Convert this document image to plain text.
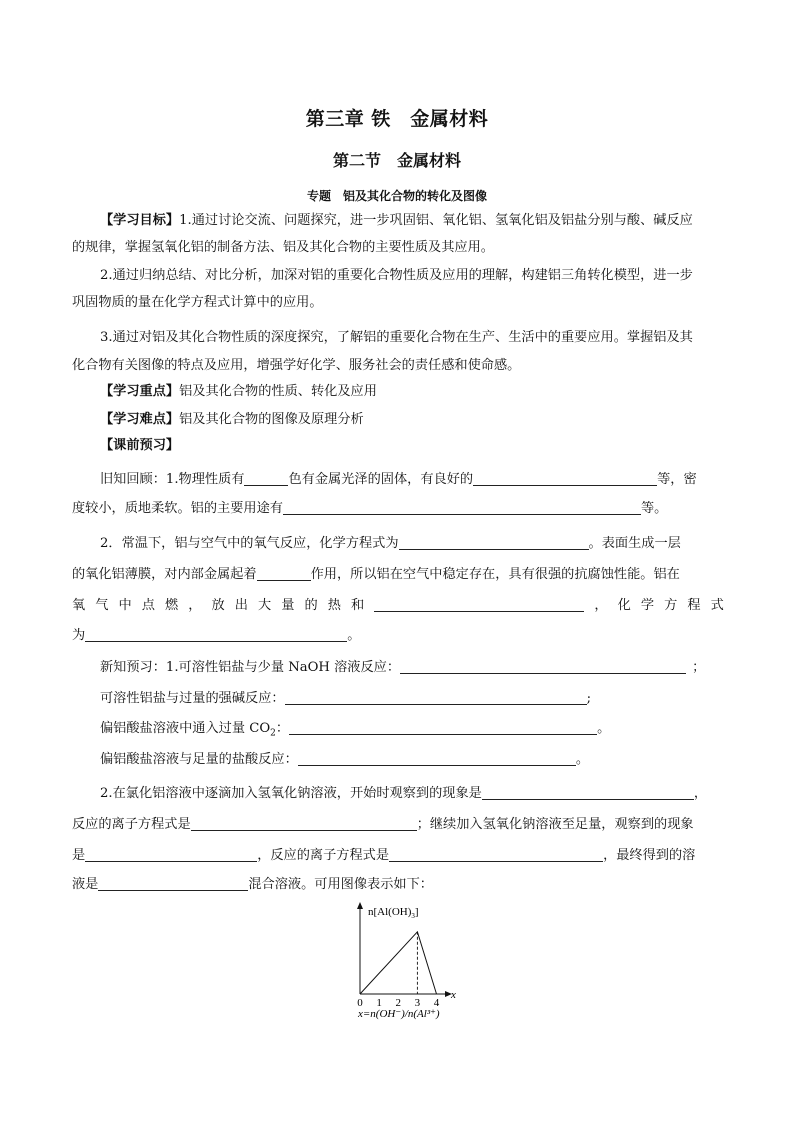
第三章 铁　金属材料
第二节　金属材料
专题　铝及其化合物的转化及图像
【学习目标】1.通过讨论交流、问题探究，进一步巩固铝、氧化铝、氢氧化铝及铝盐分别与酸、碱反应
的规律，掌握氢氧化铝的制备方法、铝及其化合物的主要性质及其应用。
2.通过归纳总结、对比分析，加深对铝的重要化合物性质及应用的理解，构建铝三角转化模型，进一步
巩固物质的量在化学方程式计算中的应用。
3.通过对铝及其化合物性质的深度探究，了解铝的重要化合物在生产、生活中的重要应用。掌握铝及其
化合物有关图像的特点及应用，增强学好化学、服务社会的责任感和使命感。
【学习重点】铝及其化合物的性质、转化及应用
【学习难点】铝及其化合物的图像及原理分析
【课前预习】
旧知回顾：1.物理性质有	色有金属光泽的固体，有良好的	等，密
度较小，质地柔软。铝的主要用途有	等。
2．常温下，铝与空气中的氧气反应，化学方程式为	。表面生成一层
的氧化铝薄膜，对内部金属起着	作用，所以铝在空气中稳定存在，具有很强的抗腐蚀性能。铝在
氧 气 中 点 燃 ， 放 出 大 量 的 热 和	， 化 学 方 程 式
为	。
新知预习：1.可溶性铝盐与少量 NaOH 溶液反应：	；
可溶性铝盐与过量的强碱反应：	;
偏铝酸盐溶液中通入过量 $CO_2$：	。
偏铝酸盐溶液与足量的盐酸反应：	。
2.在氯化铝溶液中逐滴加入氢氧化钠溶液，开始时观察到的现象是	，
反应的离子方程式是	；继续加入氢氧化钠溶液至足量，观察到的现象
是	，反应的离子方程式是	，最终得到的溶
液是	混合溶液。可用图像表示如下：
$n[Al(OH)_3]$
x
0 1 2 3 4
x=n(OH⁻)/n(Al³⁺)
